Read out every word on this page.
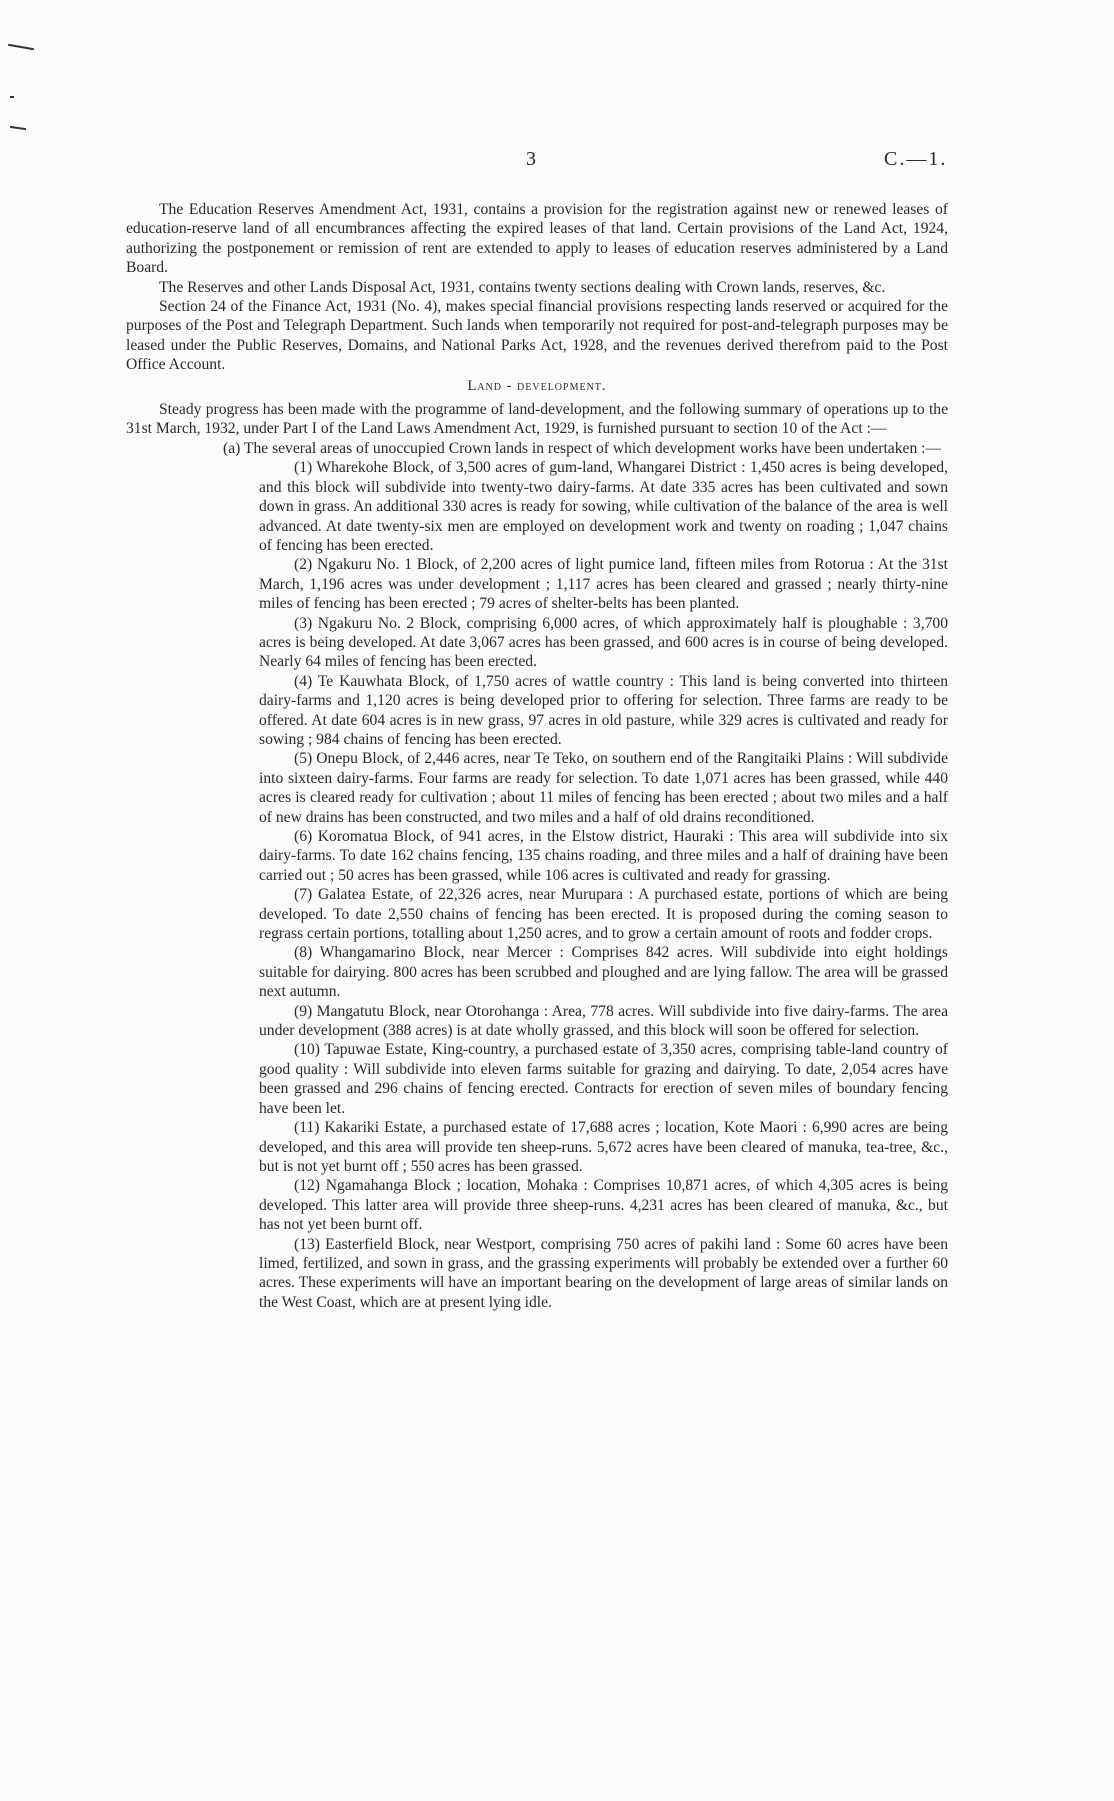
3	C.—1.

The Education Reserves Amendment Act, 1931, contains a provision for the registration against new or renewed leases of education-reserve land of all encumbrances affecting the expired leases of that land. Certain provisions of the Land Act, 1924, authorizing the postponement or remission of rent are extended to apply to leases of education reserves administered by a Land Board.

The Reserves and other Lands Disposal Act, 1931, contains twenty sections dealing with Crown lands, reserves, &c.

Section 24 of the Finance Act, 1931 (No. 4), makes special financial provisions respecting lands reserved or acquired for the purposes of the Post and Telegraph Department. Such lands when temporarily not required for post-and-telegraph purposes may be leased under the Public Reserves, Domains, and National Parks Act, 1928, and the revenues derived therefrom paid to the Post Office Account.

Land - development.

Steady progress has been made with the programme of land-development, and the following summary of operations up to the 31st March, 1932, under Part I of the Land Laws Amendment Act, 1929, is furnished pursuant to section 10 of the Act :—

(a) The several areas of unoccupied Crown lands in respect of which development works have been undertaken :—

(1) Wharekohe Block, of 3,500 acres of gum-land, Whangarei District : 1,450 acres is being developed, and this block will subdivide into twenty-two dairy-farms. At date 335 acres has been cultivated and sown down in grass. An additional 330 acres is ready for sowing, while cultivation of the balance of the area is well advanced. At date twenty-six men are employed on development work and twenty on roading ; 1,047 chains of fencing has been erected.

(2) Ngakuru No. 1 Block, of 2,200 acres of light pumice land, fifteen miles from Rotorua : At the 31st March, 1,196 acres was under development ; 1,117 acres has been cleared and grassed ; nearly thirty-nine miles of fencing has been erected ; 79 acres of shelter-belts has been planted.

(3) Ngakuru No. 2 Block, comprising 6,000 acres, of which approximately half is ploughable : 3,700 acres is being developed. At date 3,067 acres has been grassed, and 600 acres is in course of being developed. Nearly 64 miles of fencing has been erected.

(4) Te Kauwhata Block, of 1,750 acres of wattle country : This land is being converted into thirteen dairy-farms and 1,120 acres is being developed prior to offering for selection. Three farms are ready to be offered. At date 604 acres is in new grass, 97 acres in old pasture, while 329 acres is cultivated and ready for sowing ; 984 chains of fencing has been erected.

(5) Onepu Block, of 2,446 acres, near Te Teko, on southern end of the Rangitaiki Plains : Will subdivide into sixteen dairy-farms. Four farms are ready for selection. To date 1,071 acres has been grassed, while 440 acres is cleared ready for cultivation ; about 11 miles of fencing has been erected ; about two miles and a half of new drains has been constructed, and two miles and a half of old drains reconditioned.

(6) Koromatua Block, of 941 acres, in the Elstow district, Hauraki : This area will subdivide into six dairy-farms. To date 162 chains fencing, 135 chains roading, and three miles and a half of draining have been carried out ; 50 acres has been grassed, while 106 acres is cultivated and ready for grassing.

(7) Galatea Estate, of 22,326 acres, near Murupara : A purchased estate, portions of which are being developed. To date 2,550 chains of fencing has been erected. It is proposed during the coming season to regrass certain portions, totalling about 1,250 acres, and to grow a certain amount of roots and fodder crops.

(8) Whangamarino Block, near Mercer : Comprises 842 acres. Will subdivide into eight holdings suitable for dairying. 800 acres has been scrubbed and ploughed and are lying fallow. The area will be grassed next autumn.

(9) Mangatutu Block, near Otorohanga : Area, 778 acres. Will subdivide into five dairy-farms. The area under development (388 acres) is at date wholly grassed, and this block will soon be offered for selection.

(10) Tapuwae Estate, King-country, a purchased estate of 3,350 acres, comprising table-land country of good quality : Will subdivide into eleven farms suitable for grazing and dairying. To date, 2,054 acres have been grassed and 296 chains of fencing erected. Contracts for erection of seven miles of boundary fencing have been let.

(11) Kakariki Estate, a purchased estate of 17,688 acres ; location, Kote Maori : 6,990 acres are being developed, and this area will provide ten sheep-runs. 5,672 acres have been cleared of manuka, tea-tree, &c., but is not yet burnt off ; 550 acres has been grassed.

(12) Ngamahanga Block ; location, Mohaka : Comprises 10,871 acres, of which 4,305 acres is being developed. This latter area will provide three sheep-runs. 4,231 acres has been cleared of manuka, &c., but has not yet been burnt off.

(13) Easterfield Block, near Westport, comprising 750 acres of pakihi land : Some 60 acres have been limed, fertilized, and sown in grass, and the grassing experiments will probably be extended over a further 60 acres. These experiments will have an important bearing on the development of large areas of similar lands on the West Coast, which are at present lying idle.
